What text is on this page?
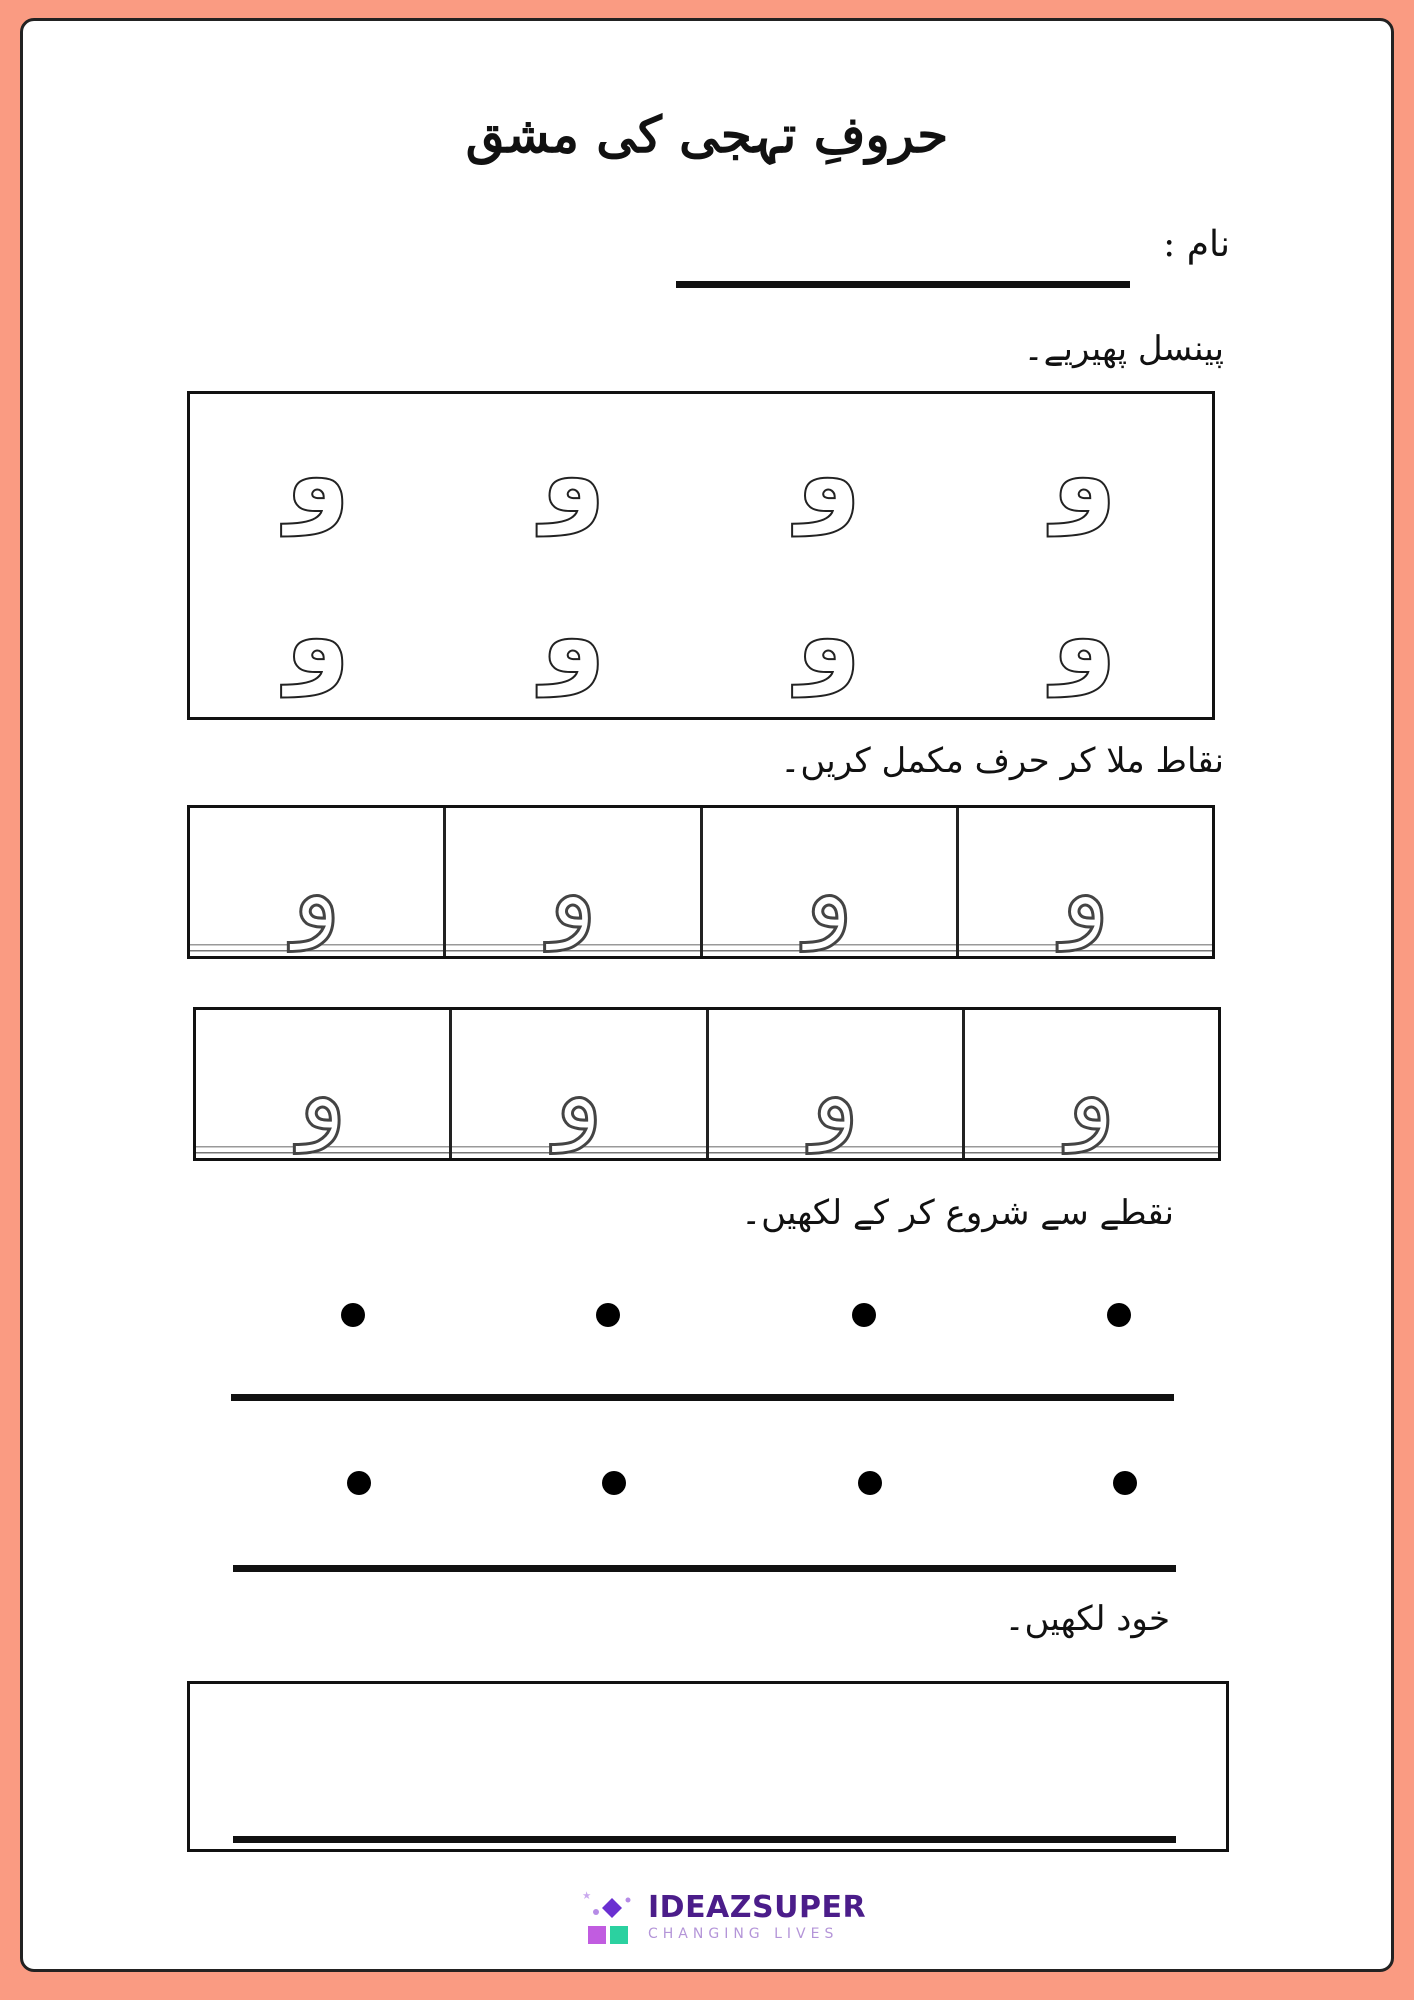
حروفِ تہجی کی مشق
نام :
پینسل پھیریے۔
و	و	و	و
و	و	و	و
نقاط ملا کر حرف مکمل کریں۔
و و و و
و و و و
نقطے سے شروع کر کے لکھیں۔
خود لکھیں۔
IDEAZSUPER
CHANGING LIVES
